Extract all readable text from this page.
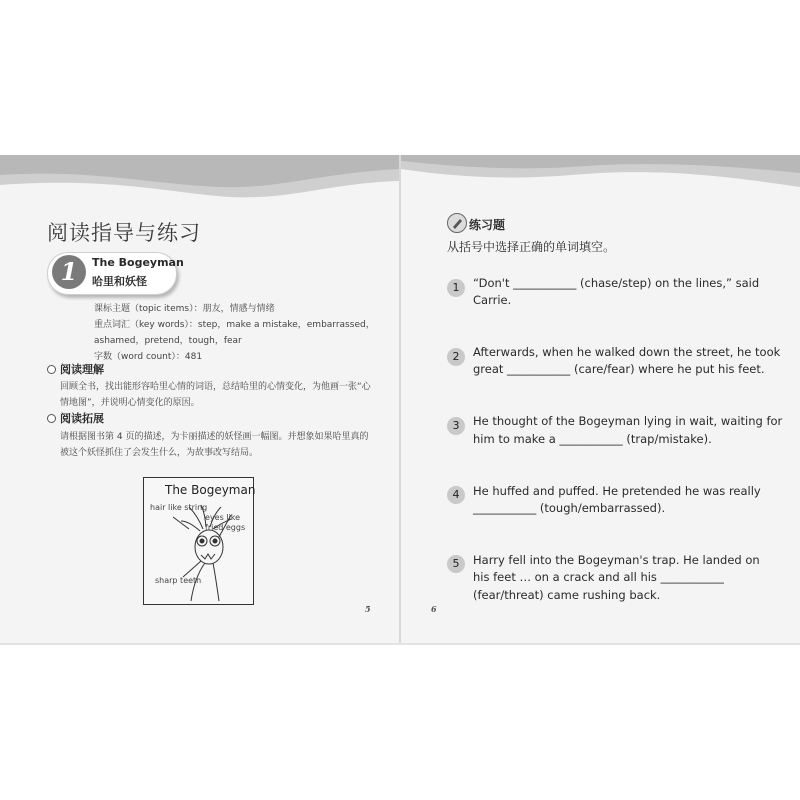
阅读指导与练习
1	The Bogeyman
哈里和妖怪
课标主题（topic items）：朋友，情感与情绪
重点词汇（key words）：step，make a mistake，embarrassed，
ashamed，pretend，tough，fear
字数（word count）：481
阅读理解
回顾全书，找出能形容哈里心情的词语，总结哈里的心情变化，为他画一张“心
情地图”，并说明心情变化的原因。
阅读拓展
请根据图书第 4 页的描述，为卡丽描述的妖怪画一幅图。并想象如果哈里真的
被这个妖怪抓住了会发生什么，为故事改写结局。
The Bogeyman
hair like string
eyes like
fried eggs
sharp teeth
5
练习题
从括号中选择正确的单词填空。
1	“Don't ___________ (chase/step) on the lines,” said
Carrie.
2	Afterwards, when he walked down the street, he took
great ___________ (care/fear) where he put his feet.
3	He thought of the Bogeyman lying in wait, waiting for
him to make a ___________ (trap/mistake).
4	He huffed and puffed. He pretended he was really
___________ (tough/embarrassed).
5	Harry fell into the Bogeyman's trap. He landed on
his feet … on a crack and all his ___________
(fear/threat) came rushing back.
6
